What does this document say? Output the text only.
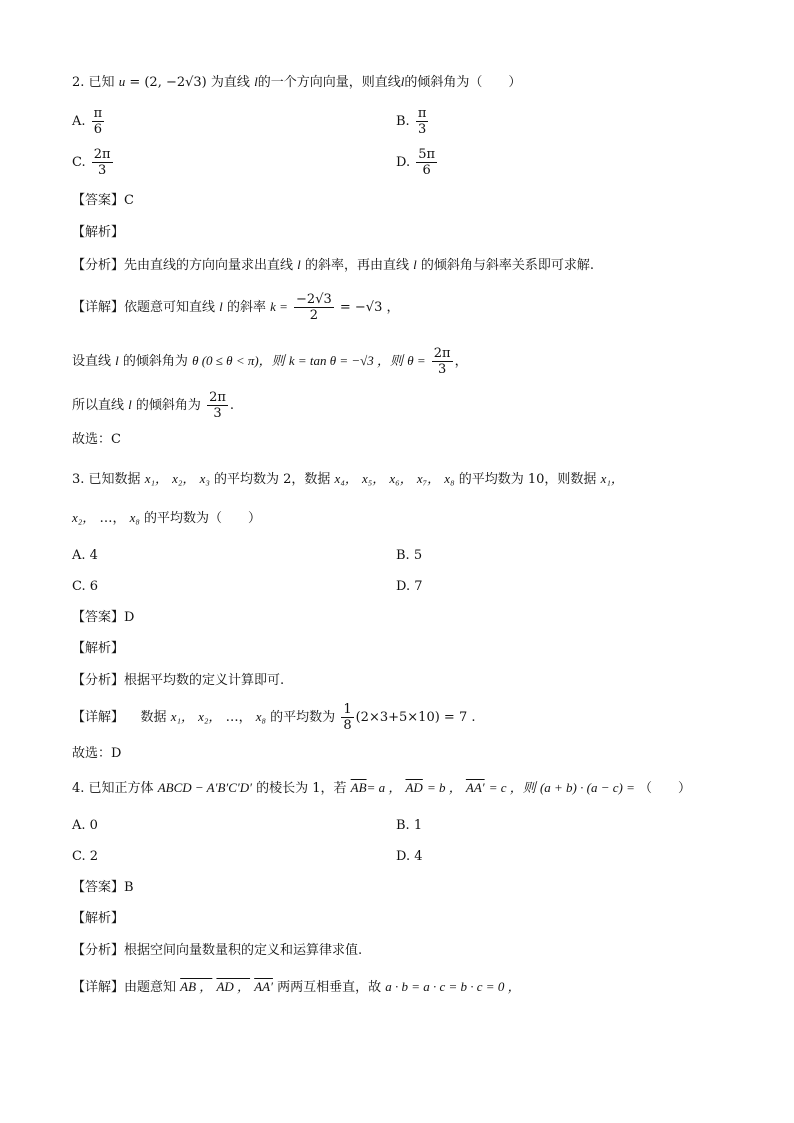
2. 已知 u = (2, −2√3) 为直线 l的一个方向向量，则直线l的倾斜角为（　　）
A. $\frac{\pi}{6}$	B. $\frac{\pi}{3}$
C. $\frac{2\pi}{3}$	D. $\frac{5\pi}{6}$
【答案】C
【解析】
【分析】先由直线的方向向量求出直线 l 的斜率，再由直线 l 的倾斜角与斜率关系即可求解.
【详解】依题意可知直线 l 的斜率 $k = \frac{-2√3}{2} = -√3$ ，
设直线 l 的倾斜角为 θ (0 ≤ θ < π)，则 k = tan θ = −√3 ，则 $\theta = \frac{2\pi}{3}$ ，
所以直线 l 的倾斜角为 $\frac{2\pi}{3}$ .
故选：C
3. 已知数据 x₁， x₂， x₃ 的平均数为 2，数据 x₄， x₅， x₆， x₇， x₈ 的平均数为 10，则数据 x₁，
x₂， …， x₈ 的平均数为（　　）
A. 4	B. 5
C. 6	D. 7
【答案】D
【解析】
【分析】根据平均数的定义计算即可.
【详解】 数据 x₁， x₂， …， x₈ 的平均数为 $\frac{1}{8} (2\times 3+5\times 10) = 7$ .
故选：D
4. 已知正方体 ABCD − A′B′C′D′ 的棱长为 1，若 $\overline{AB}= a$ ， $\overline{AD} = b$ ， AA′ = c ，则 (a + b) · (a − c) = （　　）
A. 0	B. 1
C. 2	D. 4
【答案】B
【解析】
【分析】根据空间向量数量积的定义和运算律求值.
【详解】由题意知 AB ， AD ， AA′ 两两互相垂直，故 a · b = a · c = b · c = 0 ，
